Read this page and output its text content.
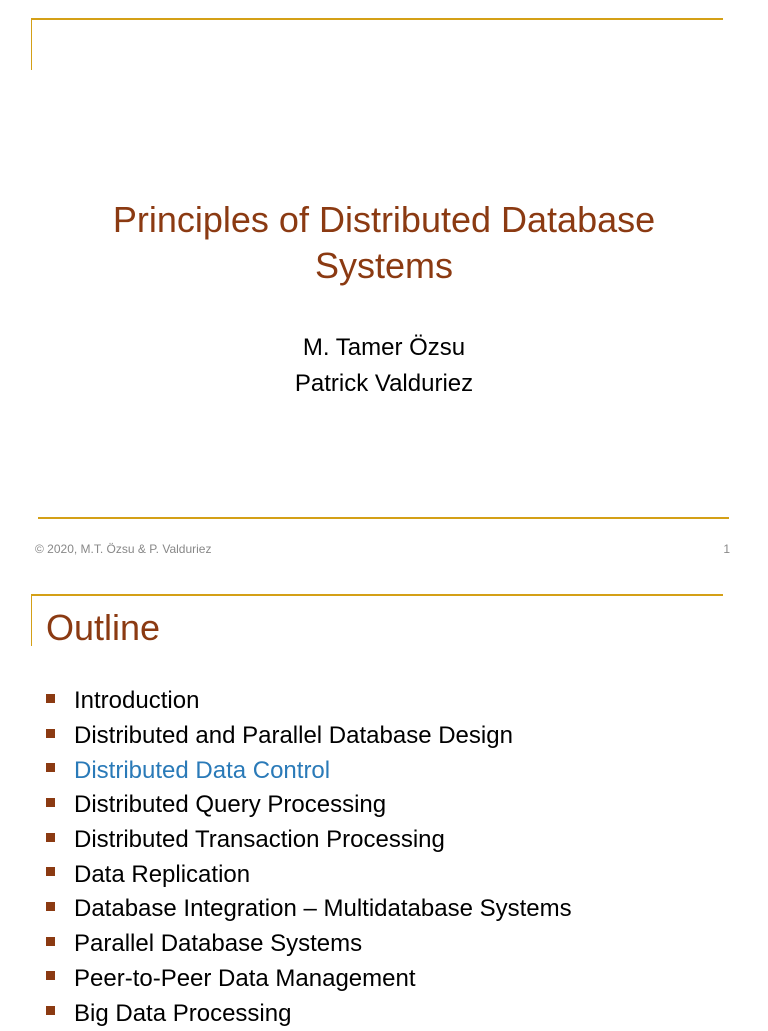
Principles of Distributed Database
Systems
M. Tamer Özsu
Patrick Valduriez
© 2020, M.T. Özsu & P. Valduriez	1
Outline
Introduction
Distributed and Parallel Database Design
Distributed Data Control
Distributed Query Processing
Distributed Transaction Processing
Data Replication
Database Integration – Multidatabase Systems
Parallel Database Systems
Peer-to-Peer Data Management
Big Data Processing
